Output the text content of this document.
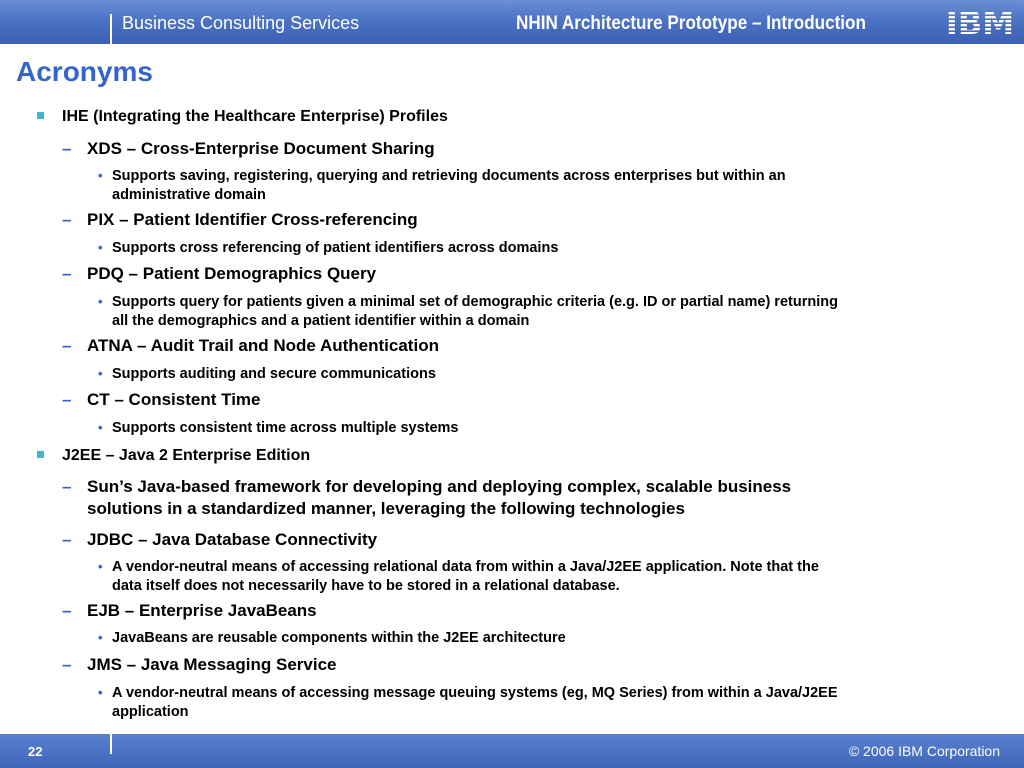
Business Consulting Services	NHIN Architecture Prototype – Introduction
Acronyms
IHE (Integrating the Healthcare Enterprise) Profiles
– XDS – Cross-Enterprise Document Sharing
• Supports saving, registering, querying and retrieving documents across enterprises but within an
administrative domain
– PIX – Patient Identifier Cross-referencing
• Supports cross referencing of patient identifiers across domains
– PDQ – Patient Demographics Query
• Supports query for patients given a minimal set of demographic criteria (e.g. ID or partial name) returning
all the demographics and a patient identifier within a domain
– ATNA – Audit Trail and Node Authentication
• Supports auditing and secure communications
– CT – Consistent Time
• Supports consistent time across multiple systems
J2EE – Java 2 Enterprise Edition
– Sun’s Java-based framework for developing and deploying complex, scalable business
solutions in a standardized manner, leveraging the following technologies
– JDBC – Java Database Connectivity
• A vendor-neutral means of accessing relational data from within a Java/J2EE application. Note that the
data itself does not necessarily have to be stored in a relational database.
– EJB – Enterprise JavaBeans
• JavaBeans are reusable components within the J2EE architecture
– JMS – Java Messaging Service
• A vendor-neutral means of accessing message queuing systems (eg, MQ Series) from within a Java/J2EE
application
22	© 2006 IBM Corporation
